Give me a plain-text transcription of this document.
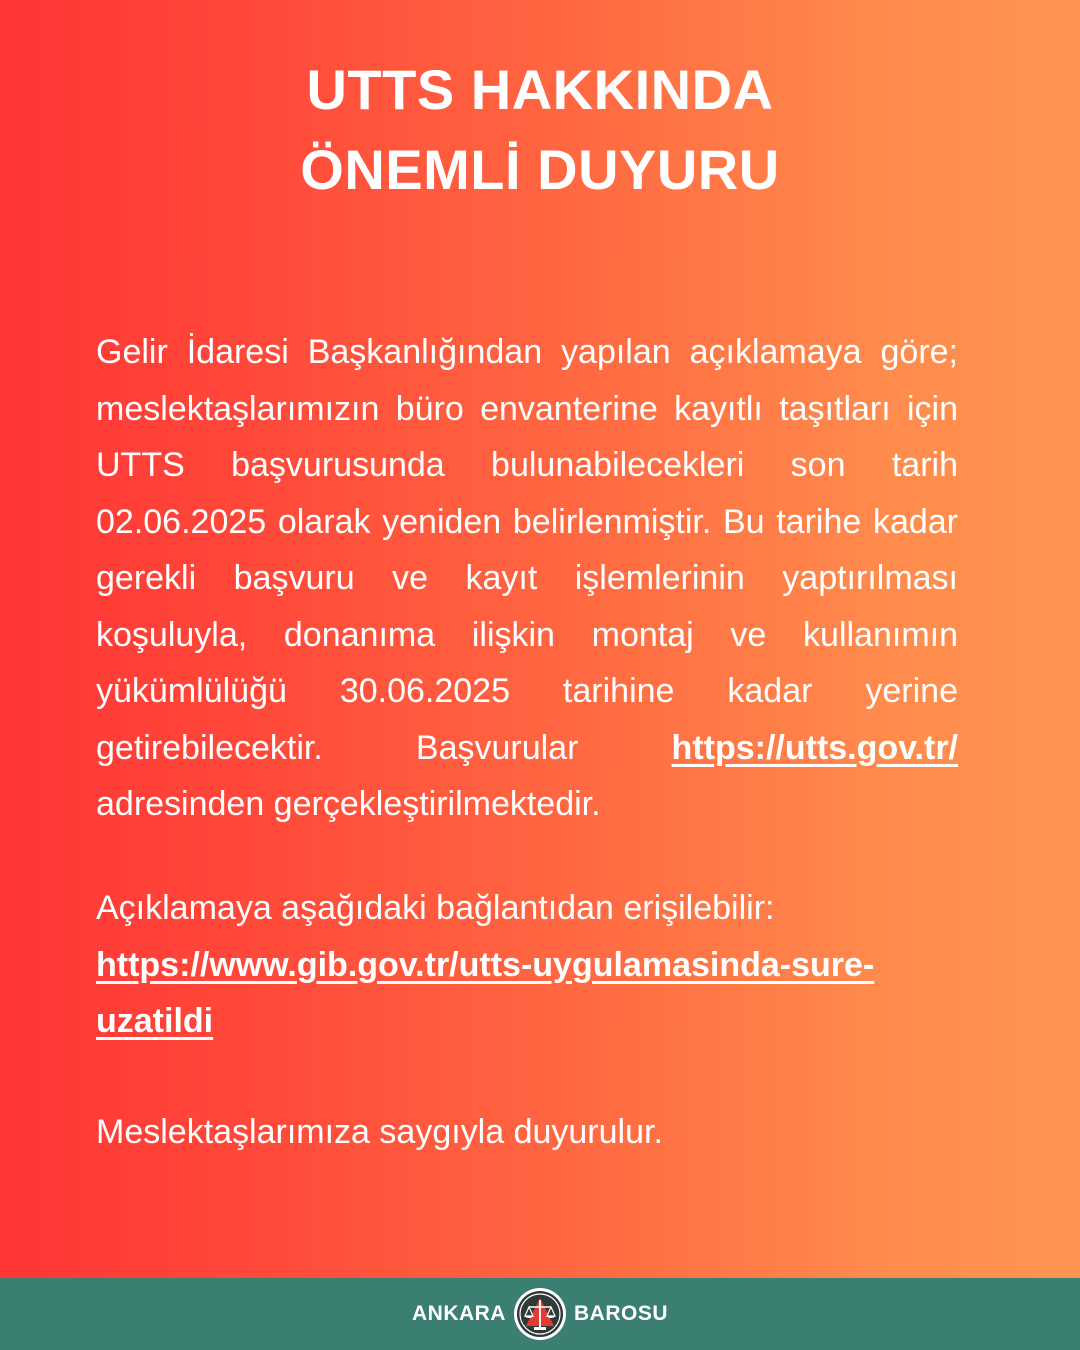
UTTS HAKKINDA
ÖNEMLİ DUYURU

Gelir İdaresi Başkanlığından yapılan açıklamaya göre; meslektaşlarımızın büro envanterine kayıtlı taşıtları için UTTS başvurusunda bulunabilecekleri son tarih 02.06.2025 olarak yeniden belirlenmiştir. Bu tarihe kadar gerekli başvuru ve kayıt işlemlerinin yaptırılması koşuluyla, donanıma ilişkin montaj ve kullanımın yükümlülüğü 30.06.2025 tarihine kadar yerine getirebilecektir. Başvurular https://utts.gov.tr/ adresinden gerçekleştirilmektedir.

Açıklamaya aşağıdaki bağlantıdan erişilebilir:
https://www.gib.gov.tr/utts-uygulamasinda-sure-uzatildi

Meslektaşlarımıza saygıyla duyurulur.

ANKARA	BAROSU
